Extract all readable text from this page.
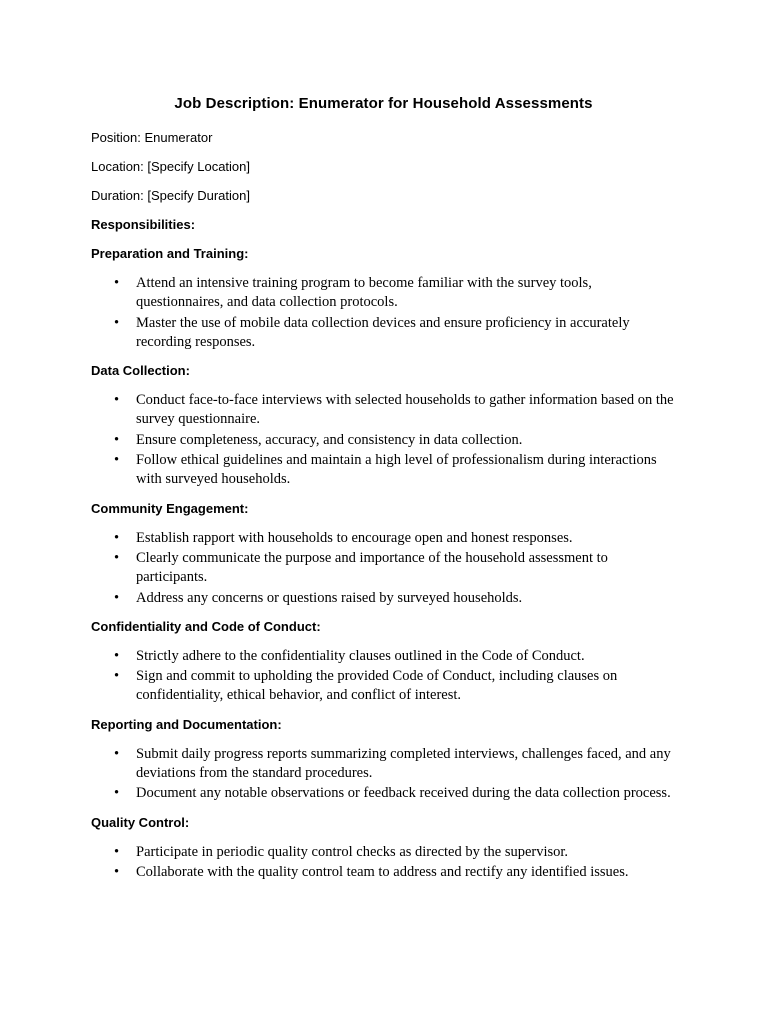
Job Description: Enumerator for Household Assessments

Position: Enumerator

Location: [Specify Location]

Duration: [Specify Duration]

Responsibilities:

Preparation and Training:

• Attend an intensive training program to become familiar with the survey tools, questionnaires, and data collection protocols.
• Master the use of mobile data collection devices and ensure proficiency in accurately recording responses.

Data Collection:

• Conduct face-to-face interviews with selected households to gather information based on the survey questionnaire.
• Ensure completeness, accuracy, and consistency in data collection.
• Follow ethical guidelines and maintain a high level of professionalism during interactions with surveyed households.

Community Engagement:

• Establish rapport with households to encourage open and honest responses.
• Clearly communicate the purpose and importance of the household assessment to participants.
• Address any concerns or questions raised by surveyed households.

Confidentiality and Code of Conduct:

• Strictly adhere to the confidentiality clauses outlined in the Code of Conduct.
• Sign and commit to upholding the provided Code of Conduct, including clauses on confidentiality, ethical behavior, and conflict of interest.

Reporting and Documentation:

• Submit daily progress reports summarizing completed interviews, challenges faced, and any deviations from the standard procedures.
• Document any notable observations or feedback received during the data collection process.

Quality Control:

• Participate in periodic quality control checks as directed by the supervisor.
• Collaborate with the quality control team to address and rectify any identified issues.
